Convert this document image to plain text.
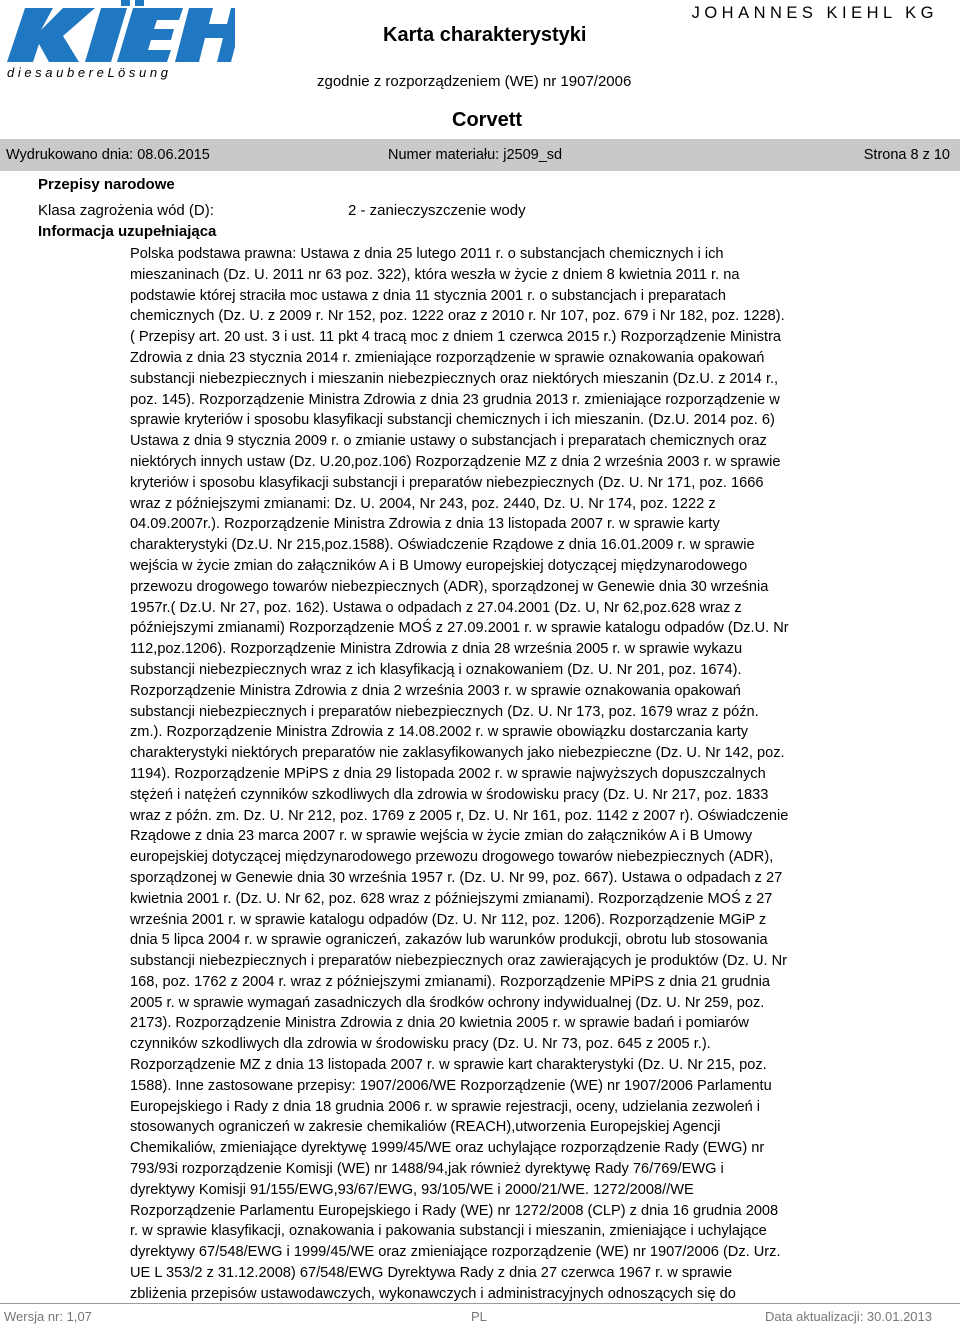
d i e s a u b e r e L ö s u n g
JOHANNES KIEHL KG
Karta charakterystyki
zgodnie z rozporządzeniem (WE) nr 1907/2006
Corvett
Wydrukowano dnia: 08.06.2015	Numer materiału: j2509_sd	Strona 8 z 10
Przepisy narodowe
Klasa zagrożenia wód (D):	2 - zanieczyszczenie wody
Informacja uzupełniająca
Polska podstawa prawna: Ustawa z dnia 25 lutego 2011 r. o substancjach chemicznych i ich
mieszaninach (Dz. U. 2011 nr 63 poz. 322), która weszła w życie z dniem 8 kwietnia 2011 r. na
podstawie której straciła moc ustawa z dnia 11 stycznia 2001 r. o substancjach i preparatach
chemicznych (Dz. U. z 2009 r. Nr 152, poz. 1222 oraz z 2010 r. Nr 107, poz. 679 i Nr 182, poz. 1228).
( Przepisy art. 20 ust. 3 i ust. 11 pkt 4 tracą moc z dniem 1 czerwca 2015 r.) Rozporządzenie Ministra
Zdrowia z dnia 23 stycznia 2014 r. zmieniające rozporządzenie w sprawie oznakowania opakowań
substancji niebezpiecznych i mieszanin niebezpiecznych oraz niektórych mieszanin (Dz.U. z 2014 r.,
poz. 145). Rozporządzenie Ministra Zdrowia z dnia 23 grudnia 2013 r. zmieniające rozporządzenie w
sprawie kryteriów i sposobu klasyfikacji substancji chemicznych i ich mieszanin. (Dz.U. 2014 poz. 6)
Ustawa z dnia 9 stycznia 2009 r. o zmianie ustawy o substancjach i preparatach chemicznych oraz
niektórych innych ustaw (Dz. U.20,poz.106) Rozporządzenie MZ z dnia 2 września 2003 r. w sprawie
kryteriów i sposobu klasyfikacji substancji i preparatów niebezpiecznych (Dz. U. Nr 171, poz. 1666
wraz z późniejszymi zmianami: Dz. U. 2004, Nr 243, poz. 2440, Dz. U. Nr 174, poz. 1222 z
04.09.2007r.). Rozporządzenie Ministra Zdrowia z dnia 13 listopada 2007 r. w sprawie karty
charakterystyki (Dz.U. Nr 215,poz.1588). Oświadczenie Rządowe z dnia 16.01.2009 r. w sprawie
wejścia w życie zmian do załączników A i B Umowy europejskiej dotyczącej międzynarodowego
przewozu drogowego towarów niebezpiecznych (ADR), sporządzonej w Genewie dnia 30 września
1957r.( Dz.U. Nr 27, poz. 162). Ustawa o odpadach z 27.04.2001 (Dz. U, Nr 62,poz.628 wraz z
późniejszymi zmianami) Rozporządzenie MOŚ z 27.09.2001 r. w sprawie katalogu odpadów (Dz.U. Nr
112,poz.1206). Rozporządzenie Ministra Zdrowia z dnia 28 września 2005 r. w sprawie wykazu
substancji niebezpiecznych wraz z ich klasyfikacją i oznakowaniem (Dz. U. Nr 201, poz. 1674).
Rozporządzenie Ministra Zdrowia z dnia 2 września 2003 r. w sprawie oznakowania opakowań
substancji niebezpiecznych i preparatów niebezpiecznych (Dz. U. Nr 173, poz. 1679 wraz z późn.
zm.). Rozporządzenie Ministra Zdrowia z 14.08.2002 r. w sprawie obowiązku dostarczania karty
charakterystyki niektórych preparatów nie zaklasyfikowanych jako niebezpieczne (Dz. U. Nr 142, poz.
1194). Rozporządzenie MPiPS z dnia 29 listopada 2002 r. w sprawie najwyższych dopuszczalnych
stężeń i natężeń czynników szkodliwych dla zdrowia w środowisku pracy (Dz. U. Nr 217, poz. 1833
wraz z późn. zm. Dz. U. Nr 212, poz. 1769 z 2005 r, Dz. U. Nr 161, poz. 1142 z 2007 r). Oświadczenie
Rządowe z dnia 23 marca 2007 r. w sprawie wejścia w życie zmian do załączników A i B Umowy
europejskiej dotyczącej międzynarodowego przewozu drogowego towarów niebezpiecznych (ADR),
sporządzonej w Genewie dnia 30 września 1957 r. (Dz. U. Nr 99, poz. 667). Ustawa o odpadach z 27
kwietnia 2001 r. (Dz. U. Nr 62, poz. 628 wraz z późniejszymi zmianami). Rozporządzenie MOŚ z 27
września 2001 r. w sprawie katalogu odpadów (Dz. U. Nr 112, poz. 1206). Rozporządzenie MGiP z
dnia 5 lipca 2004 r. w sprawie ograniczeń, zakazów lub warunków produkcji, obrotu lub stosowania
substancji niebezpiecznych i preparatów niebezpiecznych oraz zawierających je produktów (Dz. U. Nr
168, poz. 1762 z 2004 r. wraz z późniejszymi zmianami). Rozporządzenie MPiPS z dnia 21 grudnia
2005 r. w sprawie wymagań zasadniczych dla środków ochrony indywidualnej (Dz. U. Nr 259, poz.
2173). Rozporządzenie Ministra Zdrowia z dnia 20 kwietnia 2005 r. w sprawie badań i pomiarów
czynników szkodliwych dla zdrowia w środowisku pracy (Dz. U. Nr 73, poz. 645 z 2005 r.).
Rozporządzenie MZ z dnia 13 listopada 2007 r. w sprawie kart charakterystyki (Dz. U. Nr 215, poz.
1588). Inne zastosowane przepisy: 1907/2006/WE Rozporządzenie (WE) nr 1907/2006 Parlamentu
Europejskiego i Rady z dnia 18 grudnia 2006 r. w sprawie rejestracji, oceny, udzielania zezwoleń i
stosowanych ograniczeń w zakresie chemikaliów (REACH),utworzenia Europejskiej Agencji
Chemikaliów, zmieniające dyrektywę 1999/45/WE oraz uchylające rozporządzenie Rady (EWG) nr
793/93i rozporządzenie Komisji (WE) nr 1488/94,jak również dyrektywę Rady 76/769/EWG i
dyrektywy Komisji 91/155/EWG,93/67/EWG, 93/105/WE i 2000/21/WE. 1272/2008//WE
Rozporządzenie Parlamentu Europejskiego i Rady (WE) nr 1272/2008 (CLP) z dnia 16 grudnia 2008
r. w sprawie klasyfikacji, oznakowania i pakowania substancji i mieszanin, zmieniające i uchylające
dyrektywy 67/548/EWG i 1999/45/WE oraz zmieniające rozporządzenie (WE) nr 1907/2006 (Dz. Urz.
UE L 353/2 z 31.12.2008) 67/548/EWG Dyrektywa Rady z dnia 27 czerwca 1967 r. w sprawie
zbliżenia przepisów ustawodawczych, wykonawczych i administracyjnych odnoszących się do
Wersja nr: 1,07	PL	Data aktualizacji: 30.01.2013
